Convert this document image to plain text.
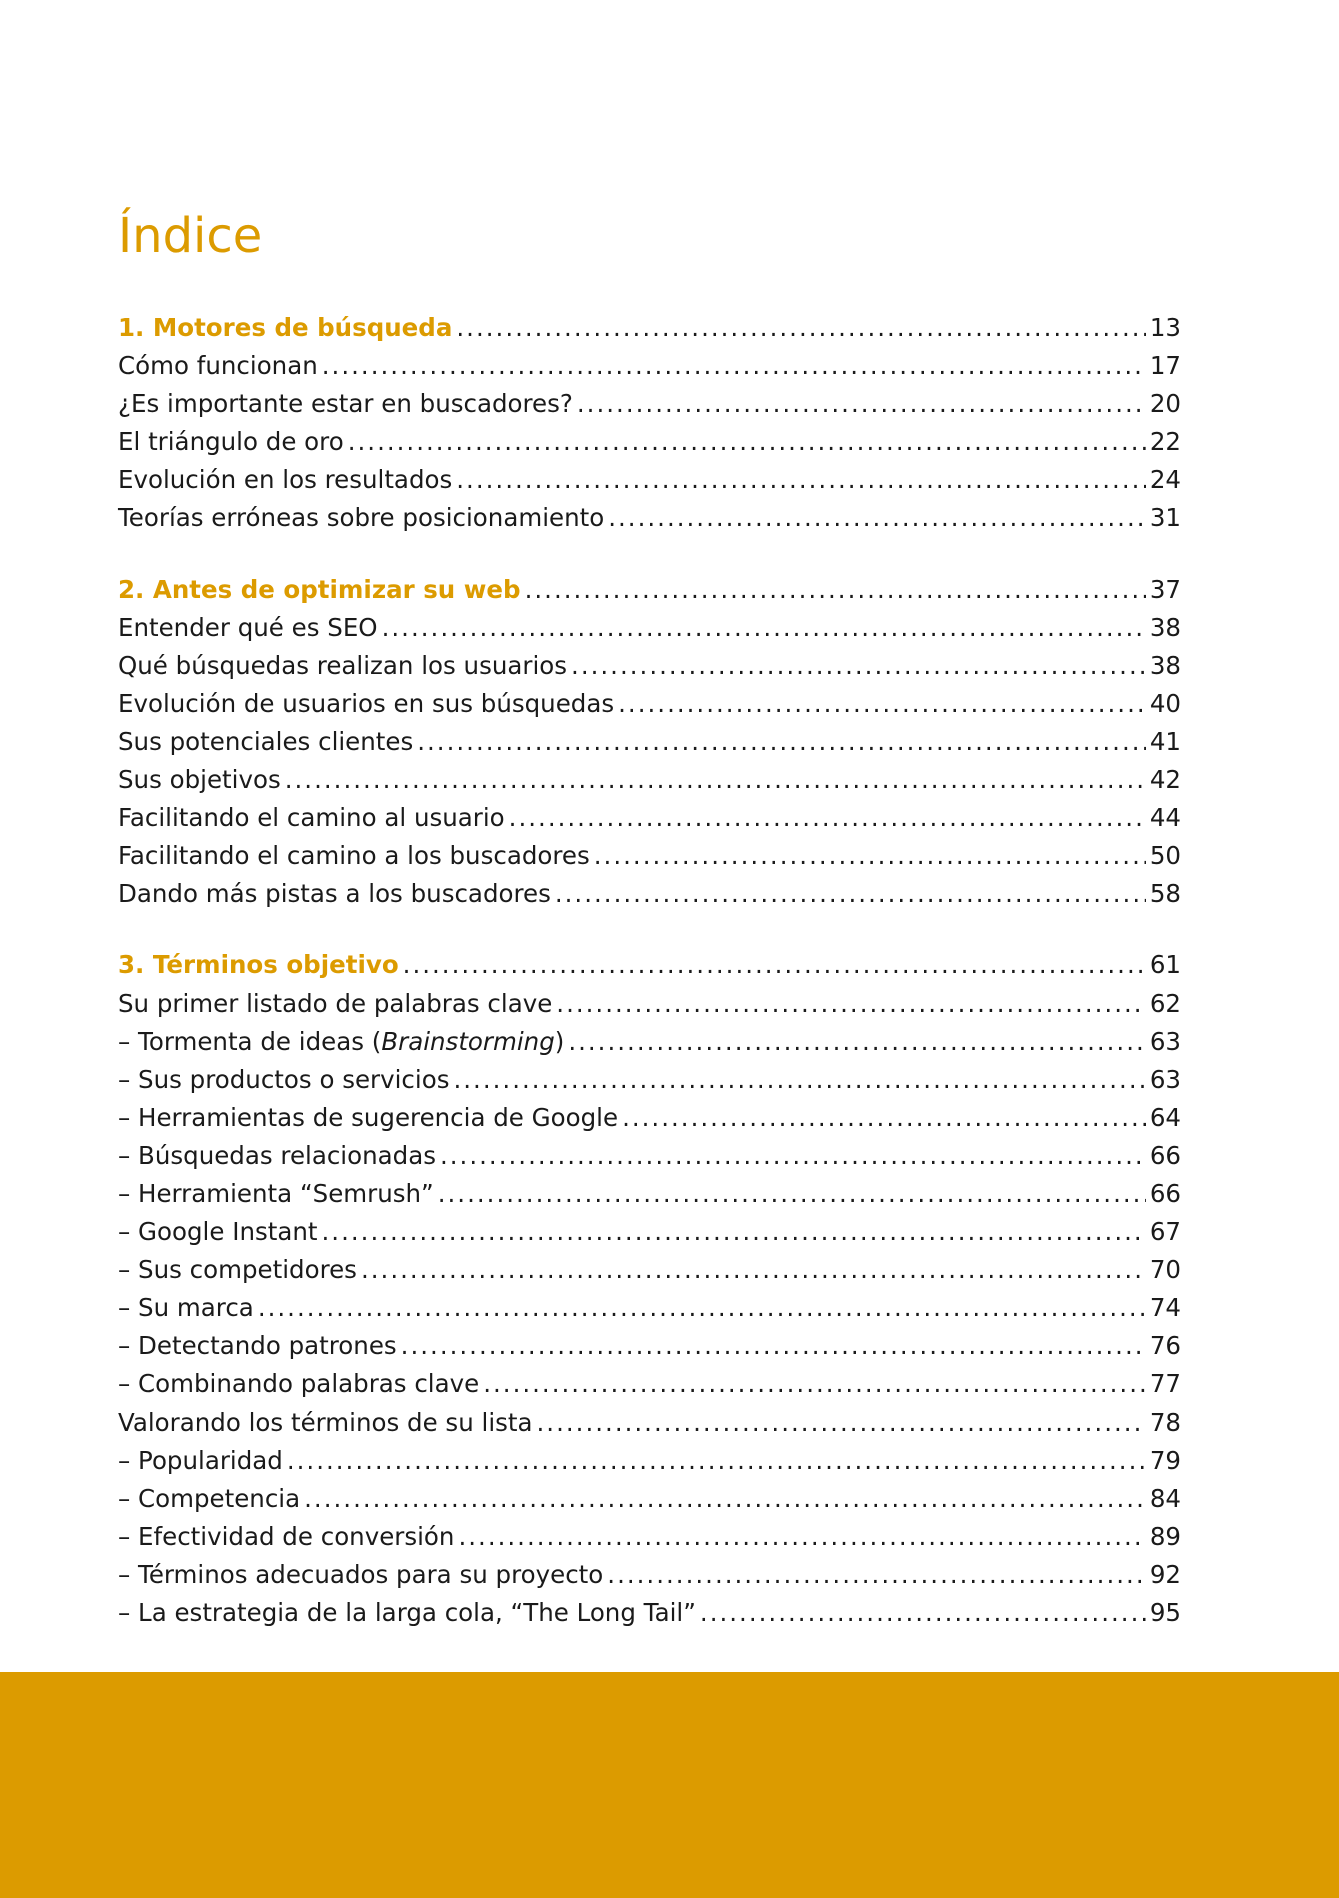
Índice
1. Motores de búsqueda .....	13
Cómo funcionan .....	17
¿Es importante estar en buscadores? .....	20
El triángulo de oro .....	22
Evolución en los resultados .....	24
Teorías erróneas sobre posicionamiento .....	31
2. Antes de optimizar su web .....	37
Entender qué es SEO .....	38
Qué búsquedas realizan los usuarios .....	38
Evolución de usuarios en sus búsquedas .....	40
Sus potenciales clientes .....	41
Sus objetivos .....	42
Facilitando el camino al usuario .....	44
Facilitando el camino a los buscadores .....	50
Dando más pistas a los buscadores .....	58
3. Términos objetivo .....	61
Su primer listado de palabras clave .....	62
– Tormenta de ideas (Brainstorming) .....	63
– Sus productos o servicios .....	63
– Herramientas de sugerencia de Google .....	64
– Búsquedas relacionadas .....	66
– Herramienta “Semrush” .....	66
– Google Instant .....	67
– Sus competidores .....	70
– Su marca .....	74
– Detectando patrones .....	76
– Combinando palabras clave .....	77
Valorando los términos de su lista .....	78
– Popularidad .....	79
– Competencia .....	84
– Efectividad de conversión .....	89
– Términos adecuados para su proyecto .....	92
– La estrategia de la larga cola, “The Long Tail” .....	95
